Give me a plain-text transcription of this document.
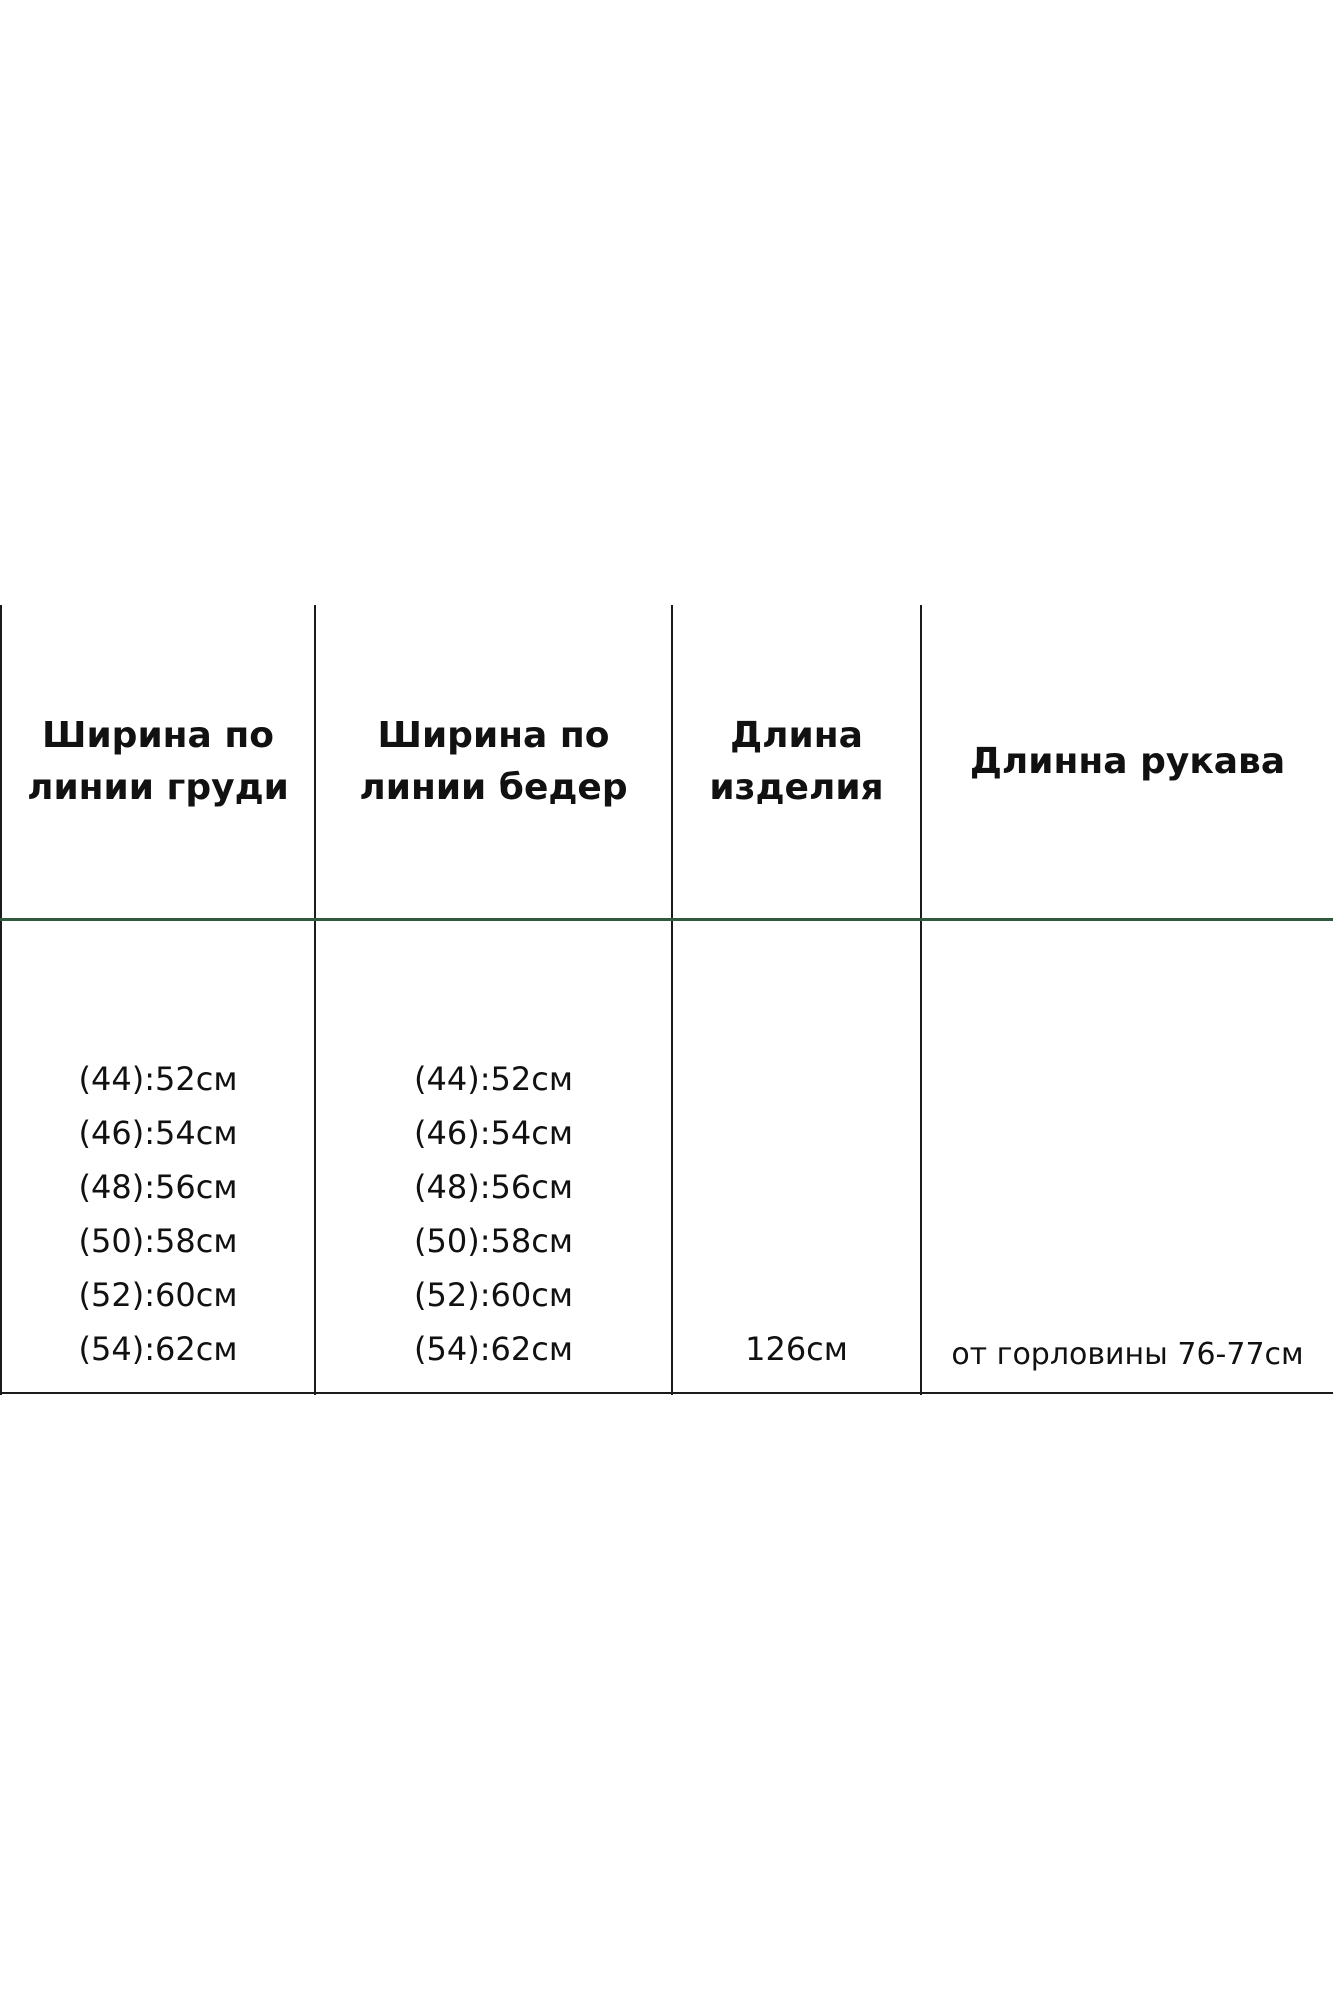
Ширина по
линии груди
Ширина по
линии бедер
Длина
изделия
Длинна рукава
(44):52см
(46):54см
(48):56см
(50):58см
(52):60см
(54):62см
(44):52см
(46):54см
(48):56см
(50):58см
(52):60см
(54):62см	126см	от горловины 76-77см
